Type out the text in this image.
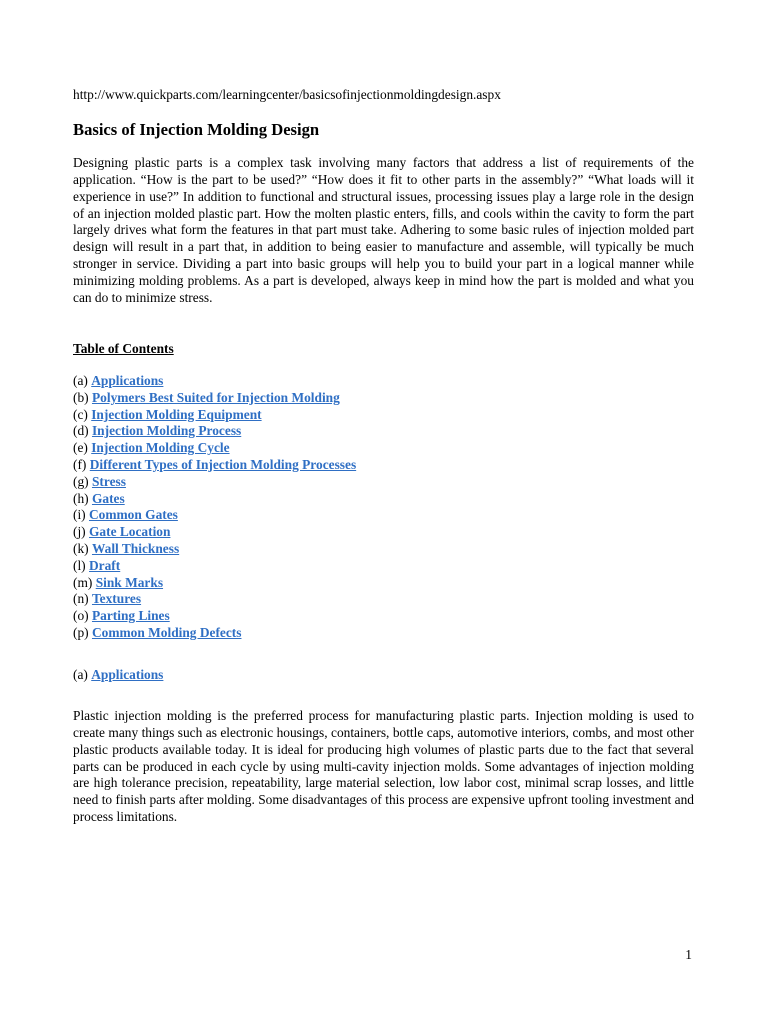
http://www.quickparts.com/learningcenter/basicsofinjectionmoldingdesign.aspx
Basics of Injection Molding Design

Designing plastic parts is a complex task involving many factors that address a list of requirements of the application. “How is the part to be used?” “How does it fit to other parts in the assembly?” “What loads will it experience in use?” In addition to functional and structural issues, processing issues play a large role in the design of an injection molded plastic part. How the molten plastic enters, fills, and cools within the cavity to form the part largely drives what form the features in that part must take. Adhering to some basic rules of injection molded part design will result in a part that, in addition to being easier to manufacture and assemble, will typically be much stronger in service. Dividing a part into basic groups will help you to build your part in a logical manner while minimizing molding problems. As a part is developed, always keep in mind how the part is molded and what you can do to minimize stress.

Table of Contents
(a) Applications
(b) Polymers Best Suited for Injection Molding
(c) Injection Molding Equipment
(d) Injection Molding Process
(e) Injection Molding Cycle
(f) Different Types of Injection Molding Processes
(g) Stress
(h) Gates
(i) Common Gates
(j) Gate Location
(k) Wall Thickness
(l) Draft
(m) Sink Marks
(n) Textures
(o) Parting Lines
(p) Common Molding Defects
(a) Applications

Plastic injection molding is the preferred process for manufacturing plastic parts. Injection molding is used to create many things such as electronic housings, containers, bottle caps, automotive interiors, combs, and most other plastic products available today. It is ideal for producing high volumes of plastic parts due to the fact that several parts can be produced in each cycle by using multi-cavity injection molds. Some advantages of injection molding are high tolerance precision, repeatability, large material selection, low labor cost, minimal scrap losses, and little need to finish parts after molding. Some disadvantages of this process are expensive upfront tooling investment and process limitations.

1
